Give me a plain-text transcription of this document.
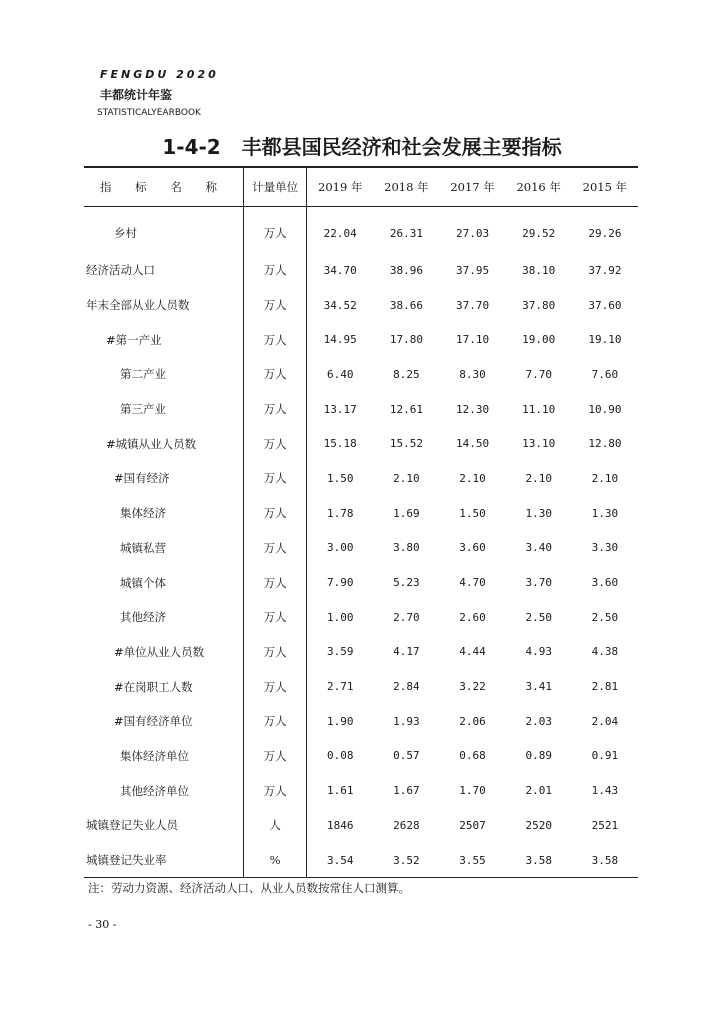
FENGDU 2020
丰都统计年鉴
STATISTICALYEARBOOK
1-4-2   丰都县国民经济和社会发展主要指标
指 标 名 称	计量单位	2019 年	2018 年	2017 年	2016 年	2015 年
乡村	万人	22.04	26.31	27.03	29.52	29.26
经济活动人口	万人	34.70	38.96	37.95	38.10	37.92
年末全部从业人员数	万人	34.52	38.66	37.70	37.80	37.60
#第一产业	万人	14.95	17.80	17.10	19.00	19.10
第二产业	万人	6.40	8.25	8.30	7.70	7.60
第三产业	万人	13.17	12.61	12.30	11.10	10.90
#城镇从业人员数	万人	15.18	15.52	14.50	13.10	12.80
#国有经济	万人	1.50	2.10	2.10	2.10	2.10
集体经济	万人	1.78	1.69	1.50	1.30	1.30
城镇私营	万人	3.00	3.80	3.60	3.40	3.30
城镇个体	万人	7.90	5.23	4.70	3.70	3.60
其他经济	万人	1.00	2.70	2.60	2.50	2.50
#单位从业人员数	万人	3.59	4.17	4.44	4.93	4.38
#在岗职工人数	万人	2.71	2.84	3.22	3.41	2.81
#国有经济单位	万人	1.90	1.93	2.06	2.03	2.04
集体经济单位	万人	0.08	0.57	0.68	0.89	0.91
其他经济单位	万人	1.61	1.67	1.70	2.01	1.43
城镇登记失业人员	人	1846	2628	2507	2520	2521
城镇登记失业率	%	3.54	3.52	3.55	3.58	3.58
注：劳动力资源、经济活动人口、从业人员数按常住人口测算。
- 30 -
